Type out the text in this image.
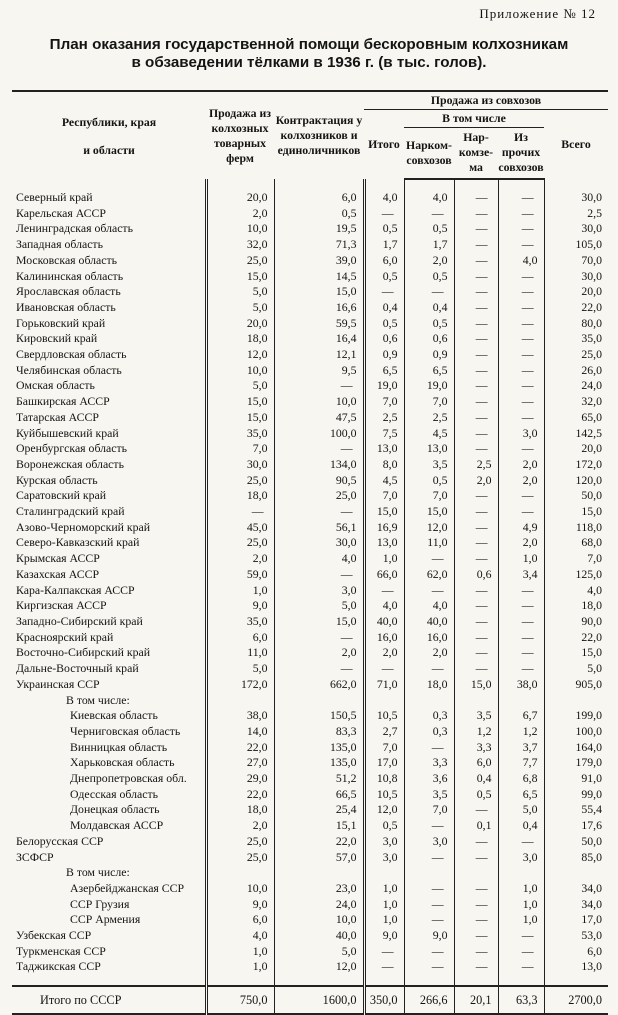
Приложение № 12
План оказания государственной помощи бескоровным колхозникам
в обзаведении тёлками в 1936 г. (в тыс. голов).
Республики, края
и области	Продажа из колхозных товарных ферм	Контрактация у колхозников и единоличников	Продажа из совхозов				
			Итого	В том числе			Всего
				Нарком-совхозов	Нар-комзе-ма	Из прочих совхозов	

Северный край	20,0	6,0	4,0	4,0	—	—	30,0
Карельская АССР	2,0	0,5	—	—	—	—	2,5
Ленинградская область	10,0	19,5	0,5	0,5	—	—	30,0
Западная область	32,0	71,3	1,7	1,7	—	—	105,0
Московская область	25,0	39,0	6,0	2,0	—	4,0	70,0
Калининская область	15,0	14,5	0,5	0,5	—	—	30,0
Ярославская область	5,0	15,0	—	—	—	—	20,0
Ивановская область	5,0	16,6	0,4	0,4	—	—	22,0
Горьковский край	20,0	59,5	0,5	0,5	—	—	80,0
Кировский край	18,0	16,4	0,6	0,6	—	—	35,0
Свердловская область	12,0	12,1	0,9	0,9	—	—	25,0
Челябинская область	10,0	9,5	6,5	6,5	—	—	26,0
Омская область	5,0	—	19,0	19,0	—	—	24,0
Башкирская АССР	15,0	10,0	7,0	7,0	—	—	32,0
Татарская АССР	15,0	47,5	2,5	2,5	—	—	65,0
Куйбышевский край	35,0	100,0	7,5	4,5	—	3,0	142,5
Оренбургская область	7,0	—	13,0	13,0	—	—	20,0
Воронежская область	30,0	134,0	8,0	3,5	2,5	2,0	172,0
Курская область	25,0	90,5	4,5	0,5	2,0	2,0	120,0
Саратовский край	18,0	25,0	7,0	7,0	—	—	50,0
Сталинградский край	—	—	15,0	15,0	—	—	15,0
Азово-Черноморский край	45,0	56,1	16,9	12,0	—	4,9	118,0
Северо-Кавказский край	25,0	30,0	13,0	11,0	—	2,0	68,0
Крымская АССР	2,0	4,0	1,0	—	—	1,0	7,0
Казахская АССР	59,0	—	66,0	62,0	0,6	3,4	125,0
Кара-Калпакская АССР	1,0	3,0	—	—	—	—	4,0
Киргизская АССР	9,0	5,0	4,0	4,0	—	—	18,0
Западно-Сибирский край	35,0	15,0	40,0	40,0	—	—	90,0
Красноярский край	6,0	—	16,0	16,0	—	—	22,0
Восточно-Сибирский край	11,0	2,0	2,0	2,0	—	—	15,0
Дальне-Восточный край	5,0	—	—	—	—	—	5,0
Украинская ССР	172,0	662,0	71,0	18,0	15,0	38,0	905,0
В том числе:							
Киевская область	38,0	150,5	10,5	0,3	3,5	6,7	199,0
Черниговская область	14,0	83,3	2,7	0,3	1,2	1,2	100,0
Винницкая область	22,0	135,0	7,0	—	3,3	3,7	164,0
Харьковская область	27,0	135,0	17,0	3,3	6,0	7,7	179,0
Днепропетровская обл.	29,0	51,2	10,8	3,6	0,4	6,8	91,0
Одесская область	22,0	66,5	10,5	3,5	0,5	6,5	99,0
Донецкая область	18,0	25,4	12,0	7,0	—	5,0	55,4
Молдавская АССР	2,0	15,1	0,5	—	0,1	0,4	17,6
Белорусская ССР	25,0	22,0	3,0	3,0	—	—	50,0
ЗСФСР	25,0	57,0	3,0	—	—	3,0	85,0
В том числе:							
Азербейджанская ССР	10,0	23,0	1,0	—	—	1,0	34,0
ССР Грузия	9,0	24,0	1,0	—	—	1,0	34,0
ССР Армения	6,0	10,0	1,0	—	—	1,0	17,0
Узбекская ССР	4,0	40,0	9,0	9,0	—	—	53,0
Туркменская ССР	1,0	5,0	—	—	—	—	6,0
Таджикская ССР	1,0	12,0	—	—	—	—	13,0

Итого по СССР	750,0	1600,0	350,0	266,6	20,1	63,3	2700,0
